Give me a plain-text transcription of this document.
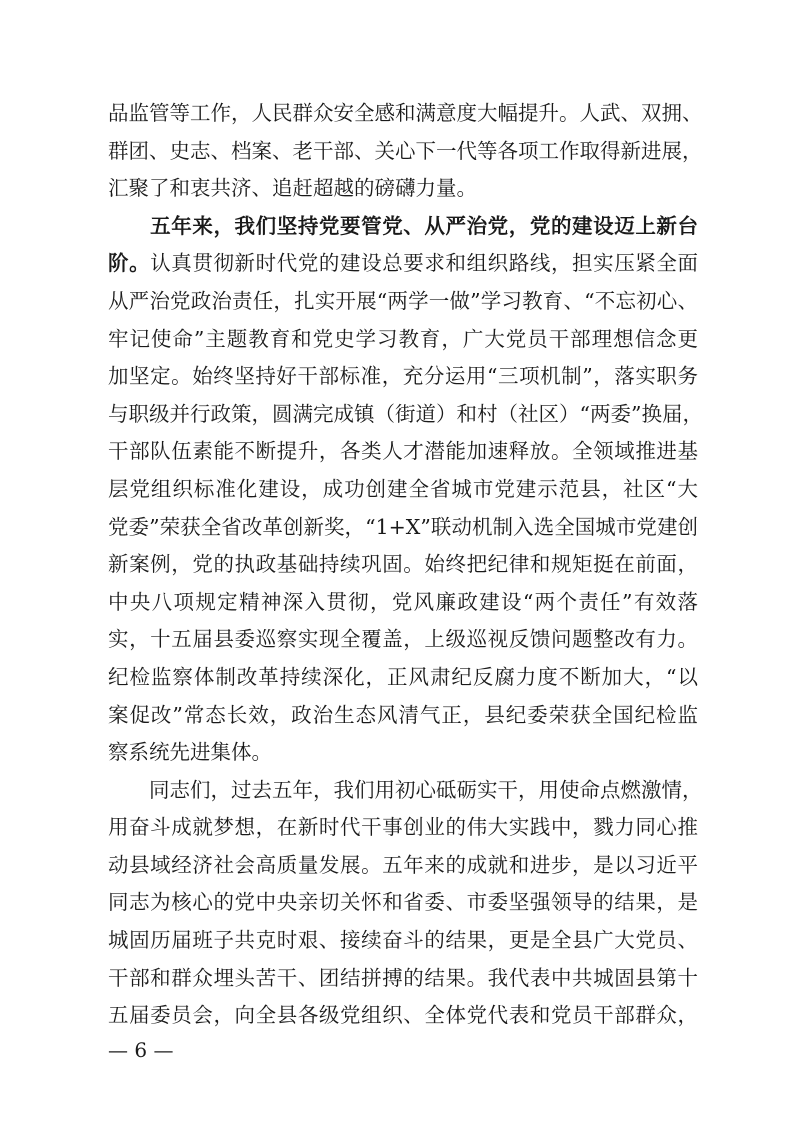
品监管等工作，人民群众安全感和满意度大幅提升。人武、双拥、
群团、史志、档案、老干部、关心下一代等各项工作取得新进展，
汇聚了和衷共济、追赶超越的磅礴力量。
　　五年来，我们坚持党要管党、从严治党，党的建设迈上新台
阶。认真贯彻新时代党的建设总要求和组织路线，担实压紧全面
从严治党政治责任，扎实开展“两学一做”学习教育、“不忘初心、
牢记使命”主题教育和党史学习教育，广大党员干部理想信念更
加坚定。始终坚持好干部标准，充分运用“三项机制”，落实职务
与职级并行政策，圆满完成镇（街道）和村（社区）“两委”换届，
干部队伍素能不断提升，各类人才潜能加速释放。全领域推进基
层党组织标准化建设，成功创建全省城市党建示范县，社区“大
党委”荣获全省改革创新奖，“1+X”联动机制入选全国城市党建创
新案例，党的执政基础持续巩固。始终把纪律和规矩挺在前面，
中央八项规定精神深入贯彻，党风廉政建设“两个责任”有效落
实，十五届县委巡察实现全覆盖，上级巡视反馈问题整改有力。
纪检监察体制改革持续深化，正风肃纪反腐力度不断加大，“以
案促改”常态长效，政治生态风清气正，县纪委荣获全国纪检监
察系统先进集体。
　　同志们，过去五年，我们用初心砥砺实干，用使命点燃激情，
用奋斗成就梦想，在新时代干事创业的伟大实践中，戮力同心推
动县域经济社会高质量发展。五年来的成就和进步，是以习近平
同志为核心的党中央亲切关怀和省委、市委坚强领导的结果，是
城固历届班子共克时艰、接续奋斗的结果，更是全县广大党员、
干部和群众埋头苦干、团结拼搏的结果。我代表中共城固县第十
五届委员会，向全县各级党组织、全体党代表和党员干部群众，
— 6 —
